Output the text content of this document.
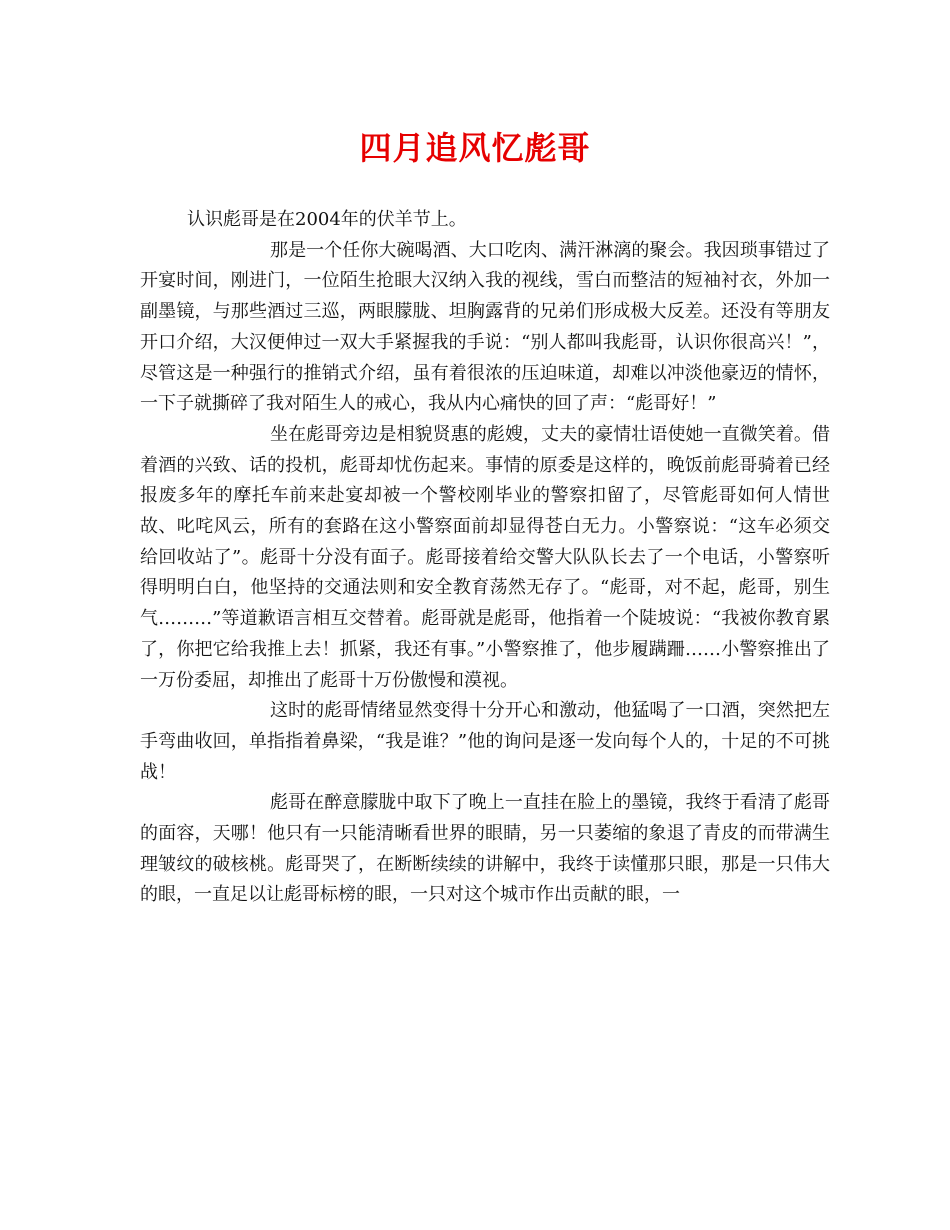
四月追风忆彪哥

认识彪哥是在2004年的伏羊节上。

那是一个任你大碗喝酒、大口吃肉、满汗淋漓的聚会。我因琐事错过了开宴时间，刚进门，一位陌生抢眼大汉纳入我的视线，雪白而整洁的短袖衬衣，外加一副墨镜，与那些酒过三巡，两眼朦胧、坦胸露背的兄弟们形成极大反差。还没有等朋友开口介绍，大汉便伸过一双大手紧握我的手说：“别人都叫我彪哥，认识你很高兴！”，尽管这是一种强行的推销式介绍，虽有着很浓的压迫味道，却难以冲淡他豪迈的情怀，一下子就撕碎了我对陌生人的戒心，我从内心痛快的回了声：“彪哥好！”

坐在彪哥旁边是相貌贤惠的彪嫂，丈夫的豪情壮语使她一直微笑着。借着酒的兴致、话的投机，彪哥却忧伤起来。事情的原委是这样的，晚饭前彪哥骑着已经报废多年的摩托车前来赴宴却被一个警校刚毕业的警察扣留了，尽管彪哥如何人情世故、叱咤风云，所有的套路在这小警察面前却显得苍白无力。小警察说：“这车必须交给回收站了”。彪哥十分没有面子。彪哥接着给交警大队队长去了一个电话，小警察听得明明白白，他坚持的交通法则和安全教育荡然无存了。“彪哥，对不起，彪哥，别生气………”等道歉语言相互交替着。彪哥就是彪哥，他指着一个陡坡说：“我被你教育累了，你把它给我推上去！抓紧，我还有事。”小警察推了，他步履蹒跚……小警察推出了一万份委屈，却推出了彪哥十万份傲慢和漠视。

这时的彪哥情绪显然变得十分开心和激动，他猛喝了一口酒，突然把左手弯曲收回，单指指着鼻梁，“我是谁？”他的询问是逐一发向每个人的，十足的不可挑战！

彪哥在醉意朦胧中取下了晚上一直挂在脸上的墨镜，我终于看清了彪哥的面容，天哪！他只有一只能清晰看世界的眼睛，另一只萎缩的象退了青皮的而带满生理皱纹的破核桃。彪哥哭了，在断断续续的讲解中，我终于读懂那只眼，那是一只伟大的眼，一直足以让彪哥标榜的眼，一只对这个城市作出贡献的眼，一
